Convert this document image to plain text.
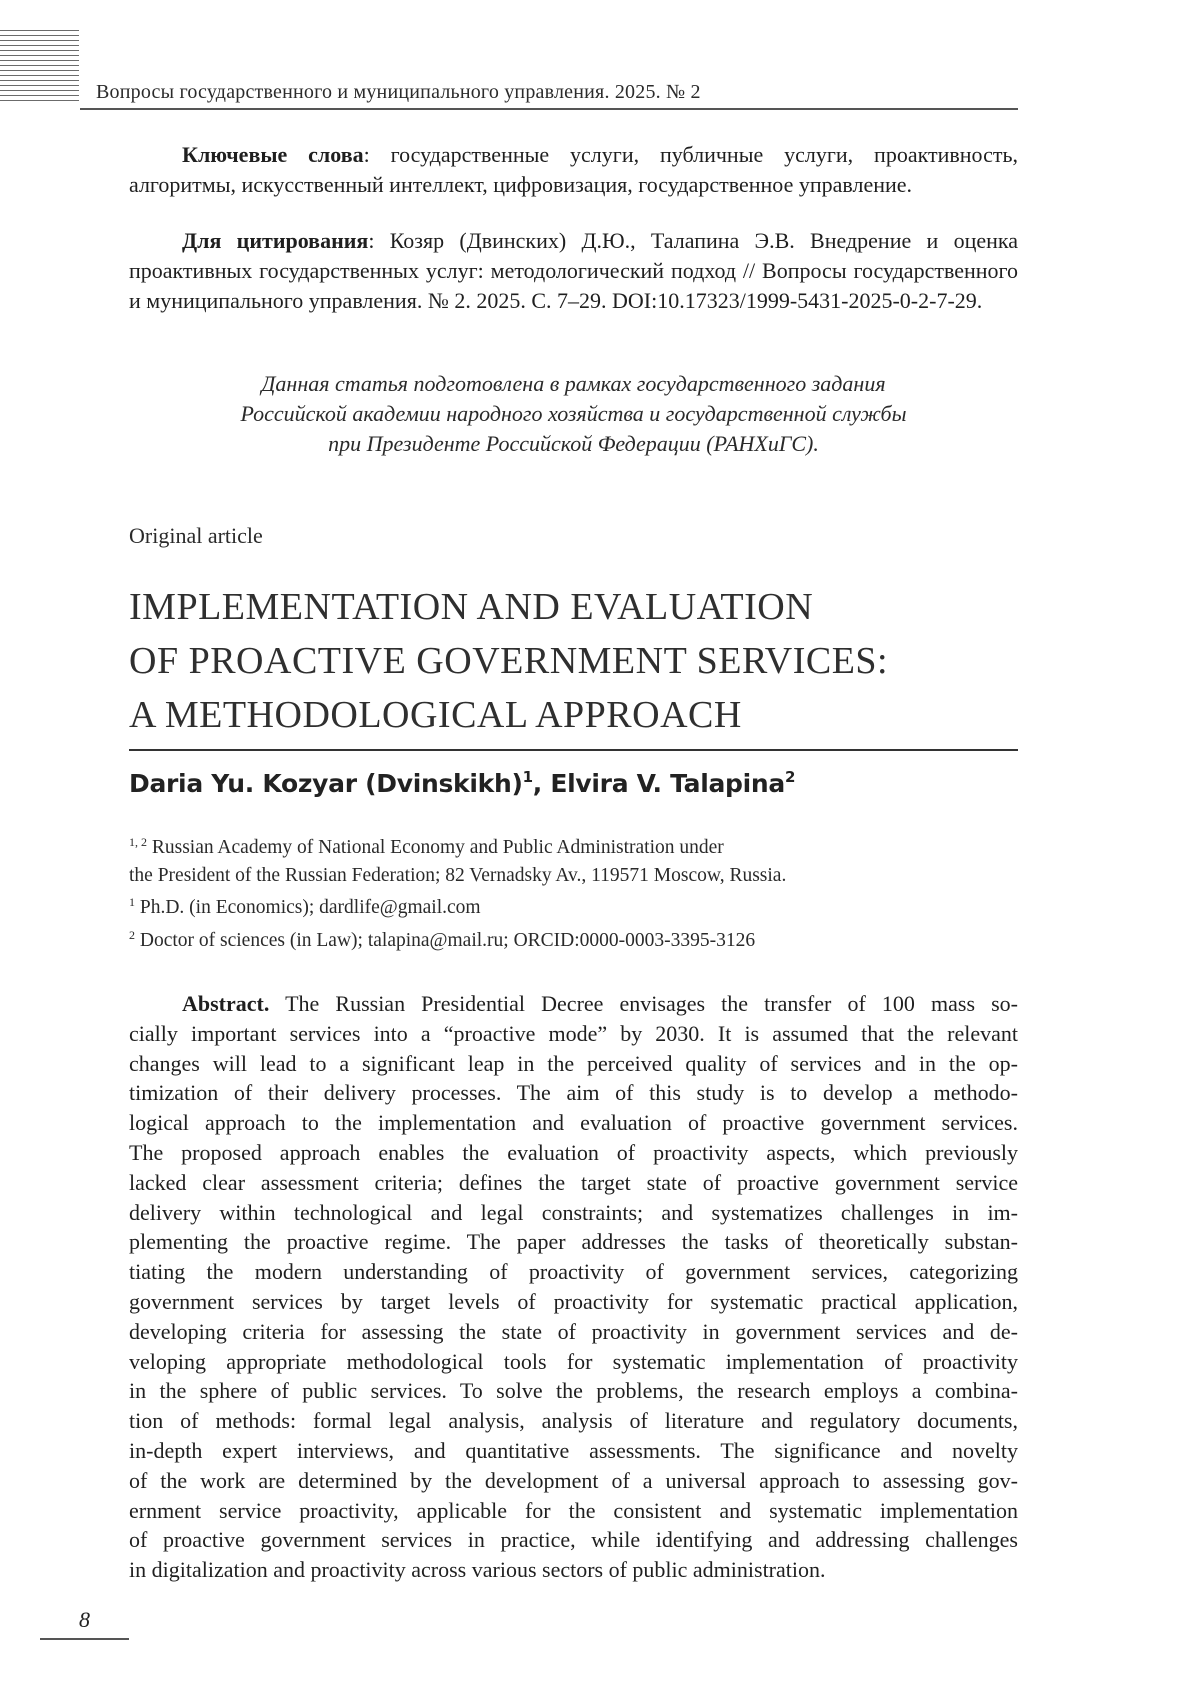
Вопросы государственного и муниципального управления. 2025. № 2

Ключевые слова: государственные услуги, публичные услуги, проактивность, алгоритмы, искусственный интеллект, цифровизация, государственное управление.

Для цитирования: Козяр (Двинских) Д.Ю., Талапина Э.В. Внедрение и оценка проактивных государственных услуг: методологический подход // Вопросы государственного и муниципального управления. № 2. 2025. С. 7–29. DOI:10.17323/1999-5431-2025-0-2-7-29.

Данная статья подготовлена в рамках государственного задания
Российской академии народного хозяйства и государственной службы
при Президенте Российской Федерации (РАНХиГС).
Original article
IMPLEMENTATION AND EVALUATION
OF PROACTIVE GOVERNMENT SERVICES:
A METHODOLOGICAL APPROACH
Daria Yu. Kozyar (Dvinskikh)$^1$, Elvira V. Talapina$^2$
$^{1, 2}$ Russian Academy of National Economy and Public Administration under
the President of the Russian Federation; 82 Vernadsky Av., 119571 Moscow, Russia.
$^1$ Ph.D. (in Economics); dardlife@gmail.com
$^2$ Doctor of sciences (in Law); talapina@mail.ru; ORCID:0000-0003-3395-3126
Abstract. The Russian Presidential Decree envisages the transfer of 100 mass so-
cially important services into a “proactive mode” by 2030. It is assumed that the relevant
changes will lead to a significant leap in the perceived quality of services and in the op-
timization of their delivery processes. The aim of this study is to develop a methodo-
logical approach to the implementation and evaluation of proactive government services.
The proposed approach enables the evaluation of proactivity aspects, which previously
lacked clear assessment criteria; defines the target state of proactive government service
delivery within technological and legal constraints; and systematizes challenges in im-
plementing the proactive regime. The paper addresses the tasks of theoretically substan-
tiating the modern understanding of proactivity of government services, categorizing
government services by target levels of proactivity for systematic practical application,
developing criteria for assessing the state of proactivity in government services and de-
veloping appropriate methodological tools for systematic implementation of proactivity
in the sphere of public services. To solve the problems, the research employs a combina-
tion of methods: formal legal analysis, analysis of literature and regulatory documents,
in-depth expert interviews, and quantitative assessments. The significance and novelty
of the work are determined by the development of a universal approach to assessing gov-
ernment service proactivity, applicable for the consistent and systematic implementation
of proactive government services in practice, while identifying and addressing challenges
in digitalization and proactivity across various sectors of public administration.
8
